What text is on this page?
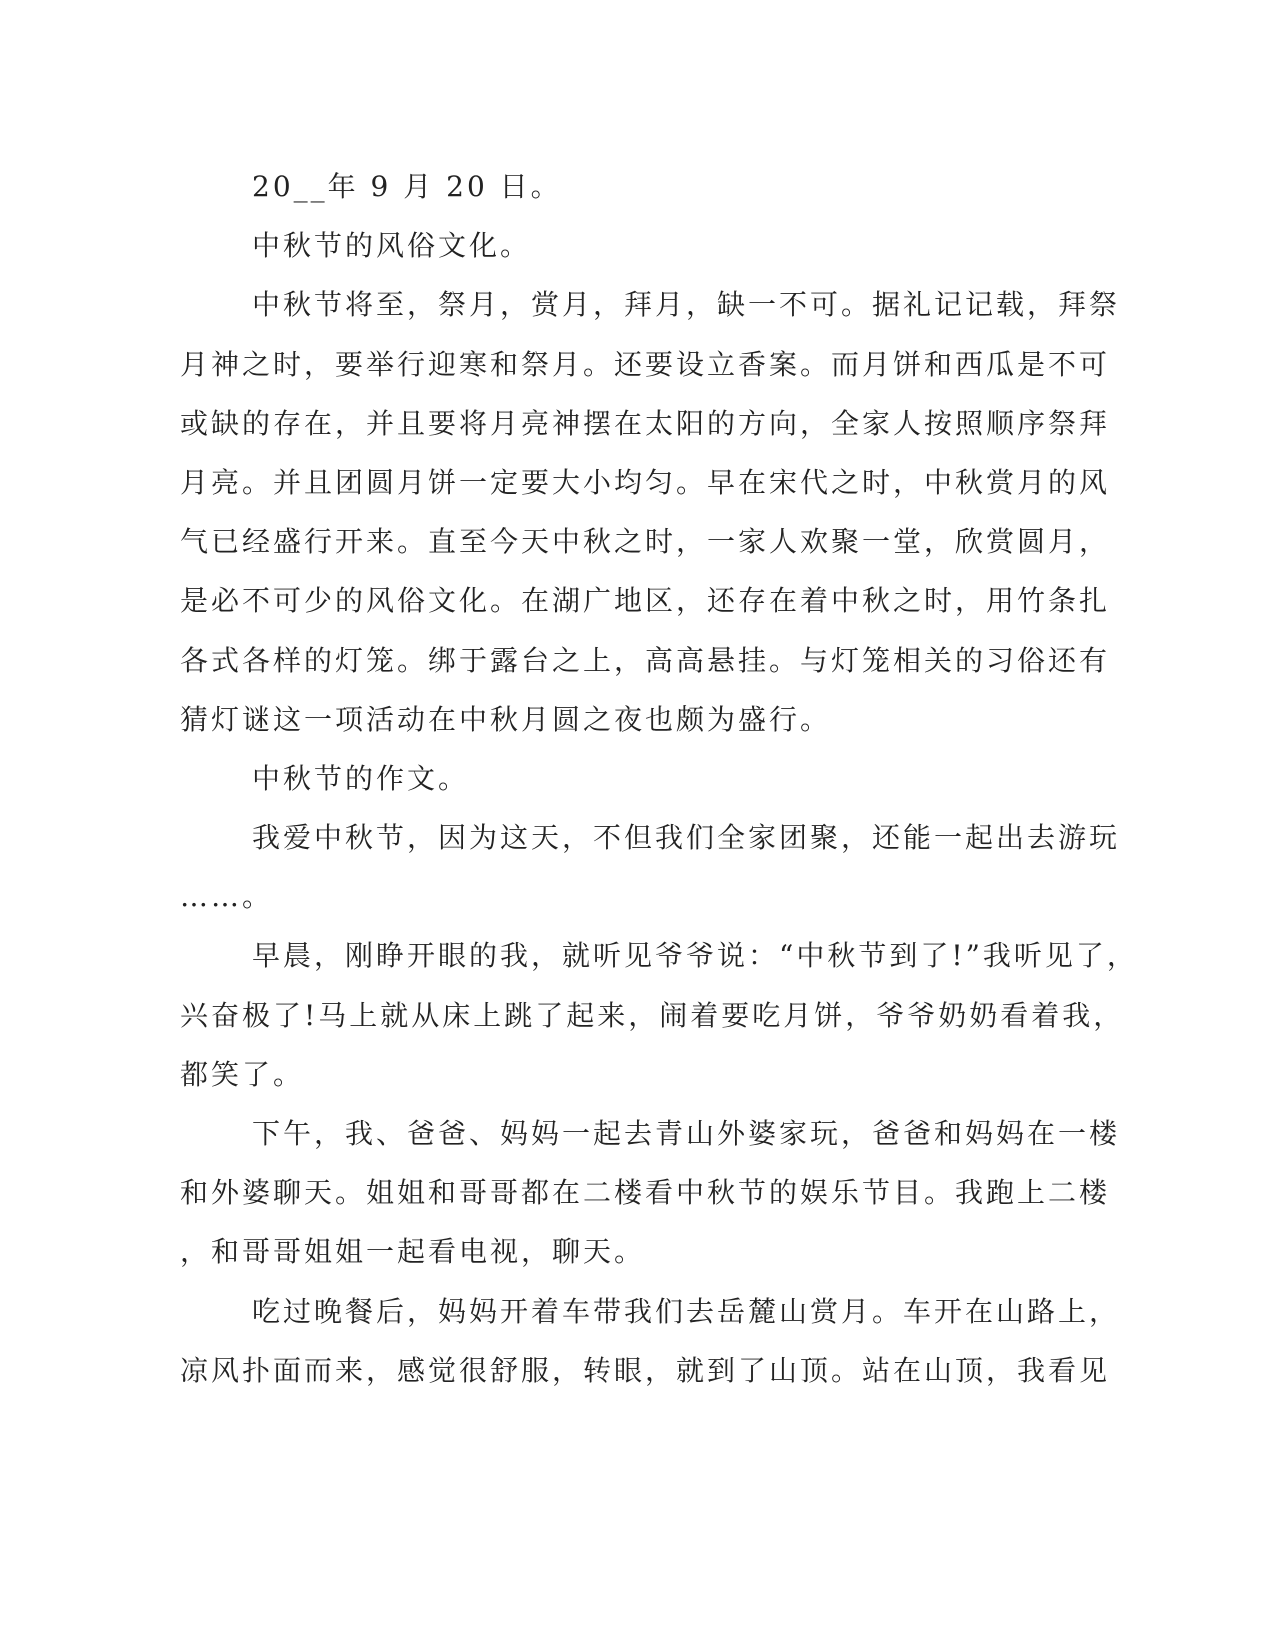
20__年 9 月 20 日。
中秋节的风俗文化。
中秋节将至，祭月，赏月，拜月，缺一不可。据礼记记载，拜祭
月神之时，要举行迎寒和祭月。还要设立香案。而月饼和西瓜是不可
或缺的存在，并且要将月亮神摆在太阳的方向，全家人按照顺序祭拜
月亮。并且团圆月饼一定要大小均匀。早在宋代之时，中秋赏月的风
气已经盛行开来。直至今天中秋之时，一家人欢聚一堂，欣赏圆月，
是必不可少的风俗文化。在湖广地区，还存在着中秋之时，用竹条扎
各式各样的灯笼。绑于露台之上，高高悬挂。与灯笼相关的习俗还有
猜灯谜这一项活动在中秋月圆之夜也颇为盛行。
中秋节的作文。
我爱中秋节，因为这天，不但我们全家团聚，还能一起出去游玩
……。
早晨，刚睁开眼的我，就听见爷爷说：“中秋节到了!”我听见了，
兴奋极了!马上就从床上跳了起来，闹着要吃月饼，爷爷奶奶看着我，
都笑了。
下午，我、爸爸、妈妈一起去青山外婆家玩，爸爸和妈妈在一楼
和外婆聊天。姐姐和哥哥都在二楼看中秋节的娱乐节目。我跑上二楼
，和哥哥姐姐一起看电视，聊天。
吃过晚餐后，妈妈开着车带我们去岳麓山赏月。车开在山路上，
凉风扑面而来，感觉很舒服，转眼，就到了山顶。站在山顶，我看见
